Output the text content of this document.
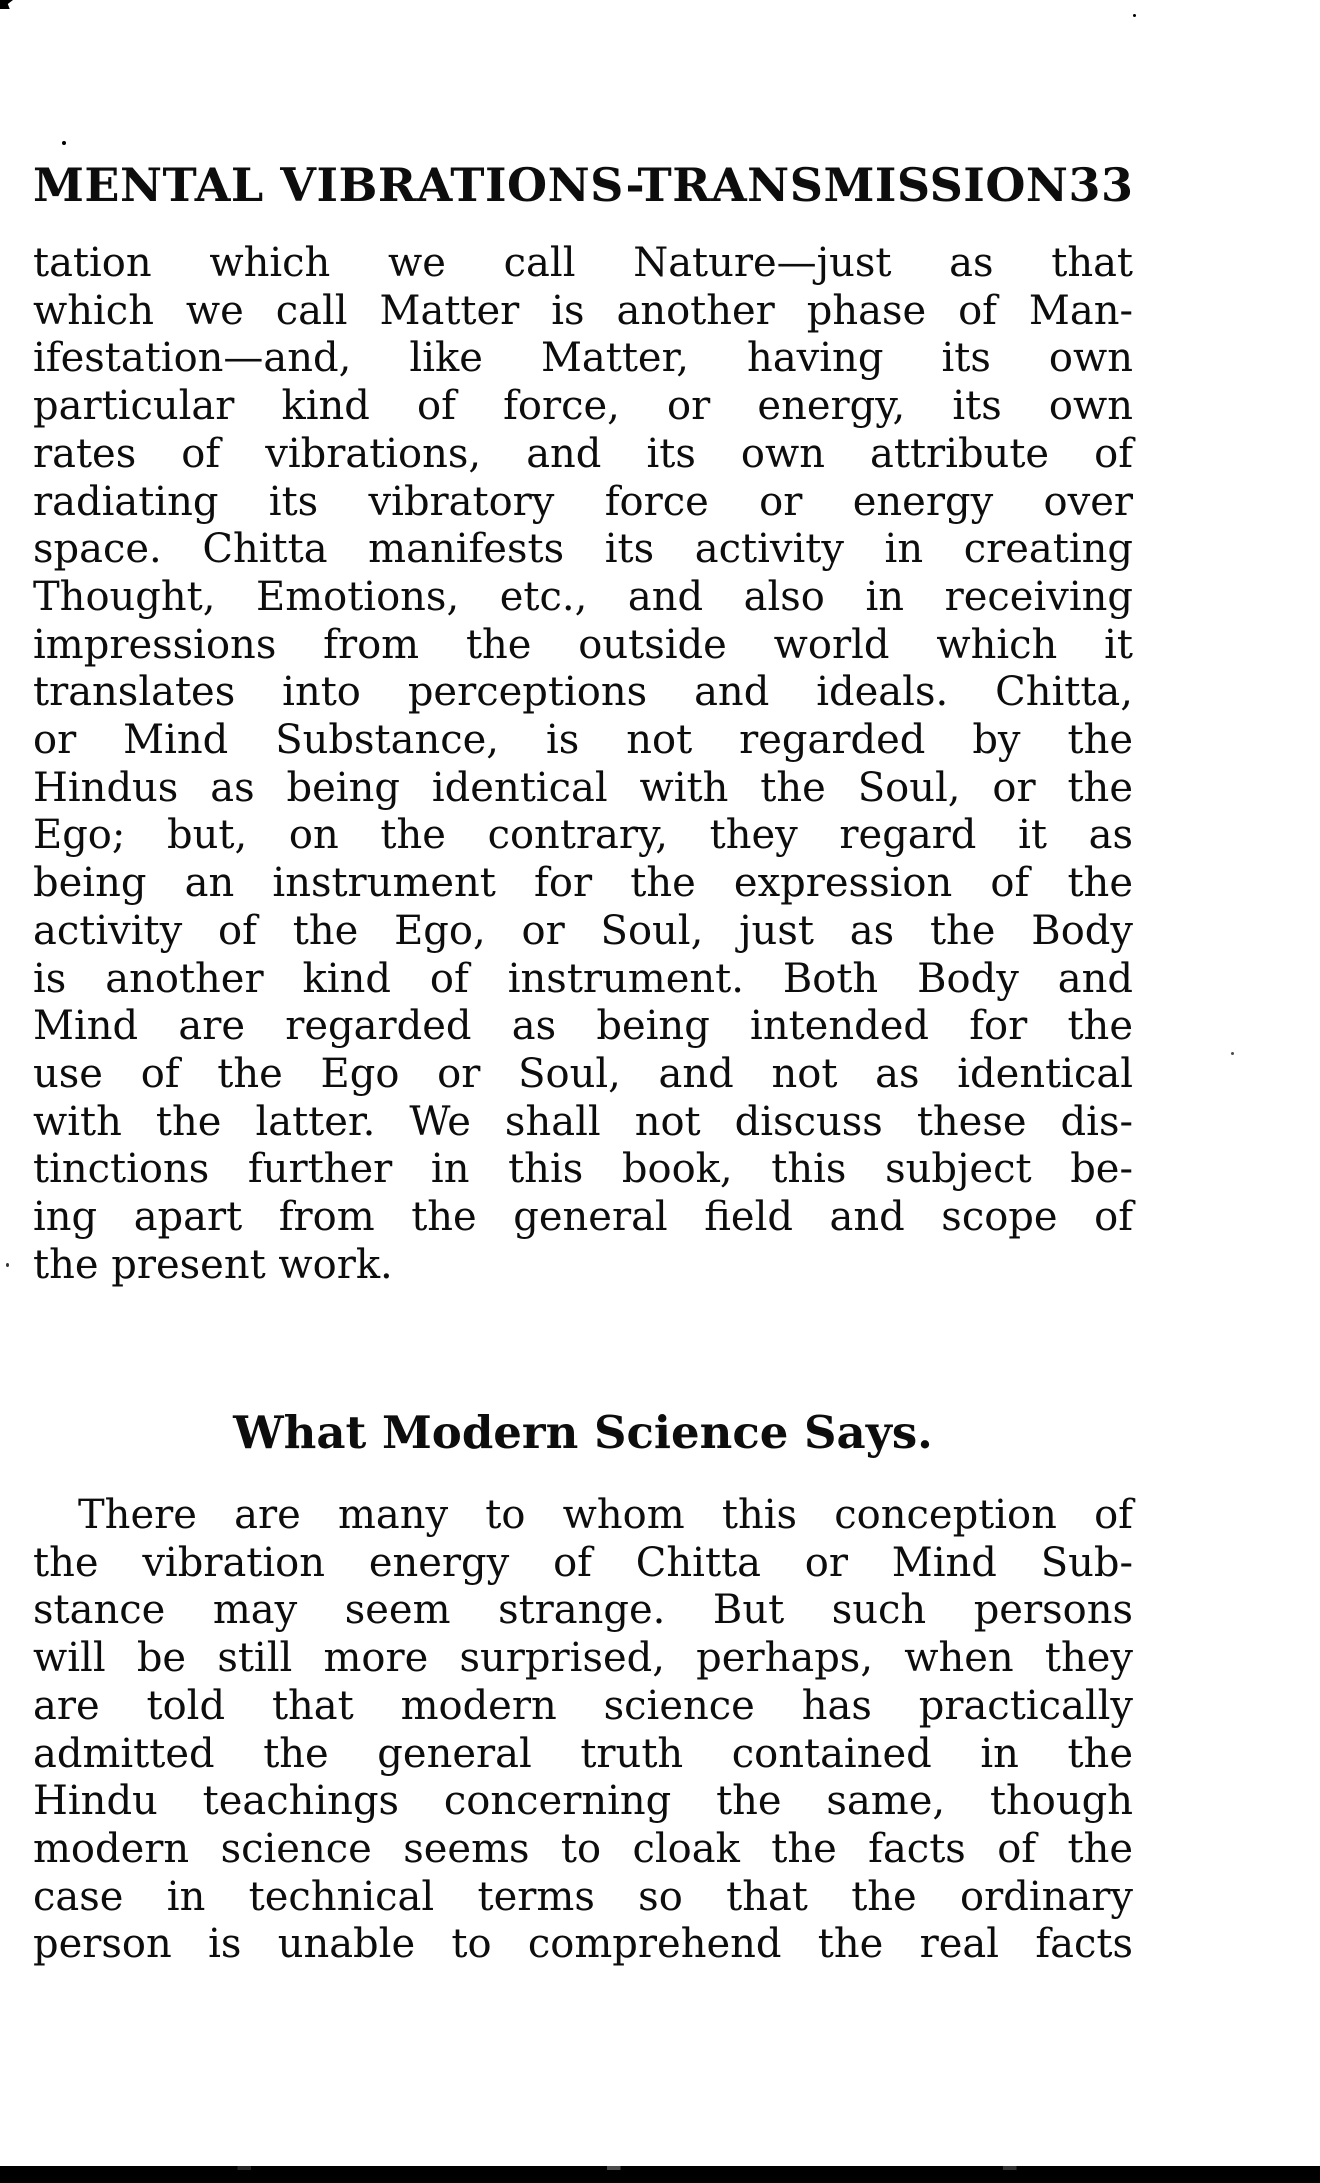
MENTAL VIBRATIONS-TRANSMISSION 33
tation which we call Nature—just as that
which we call Matter is another phase of Man-
ifestation—and, like Matter, having its own
particular kind of force, or energy, its own
rates of vibrations, and its own attribute of
radiating its vibratory force or energy over
space. Chitta manifests its activity in creating
Thought, Emotions, etc., and also in receiving
impressions from the outside world which it
translates into perceptions and ideals. Chitta,
or Mind Substance, is not regarded by the
Hindus as being identical with the Soul, or the
Ego; but, on the contrary, they regard it as
being an instrument for the expression of the
activity of the Ego, or Soul, just as the Body
is another kind of instrument. Both Body and
Mind are regarded as being intended for the
use of the Ego or Soul, and not as identical
with the latter. We shall not discuss these dis-
tinctions further in this book, this subject be-
ing apart from the general field and scope of
the present work.
What Modern Science Says.
There are many to whom this conception of
the vibration energy of Chitta or Mind Sub-
stance may seem strange. But such persons
will be still more surprised, perhaps, when they
are told that modern science has practically
admitted the general truth contained in the
Hindu teachings concerning the same, though
modern science seems to cloak the facts of the
case in technical terms so that the ordinary
person is unable to comprehend the real facts
